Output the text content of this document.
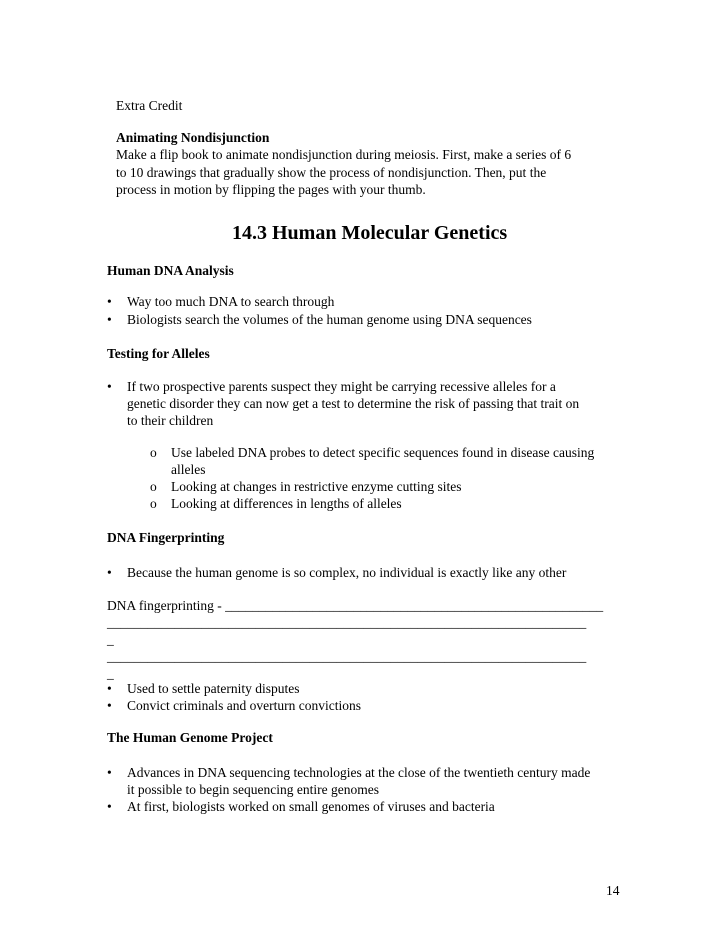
Extra Credit
Animating Nondisjunction
Make a flip book to animate nondisjunction during meiosis. First, make a series of 6
to 10 drawings that gradually show the process of nondisjunction. Then, put the
process in motion by flipping the pages with your thumb.
14.3 Human Molecular Genetics
Human DNA Analysis
•	Way too much DNA to search through
•	Biologists search the volumes of the human genome using DNA sequences
Testing for Alleles
•	If two prospective parents suspect they might be carrying recessive alleles for a
genetic disorder they can now get a test to determine the risk of passing that trait on
to their children
o Use labeled DNA probes to detect specific sequences found in disease causing
alleles
o Looking at changes in restrictive enzyme cutting sites
o Looking at differences in lengths of alleles
DNA Fingerprinting
•	Because the human genome is so complex, no individual is exactly like any other
DNA fingerprinting - ________________________________________________________
_______________________________________________________________________
_
_______________________________________________________________________
_
•	Used to settle paternity disputes
•	Convict criminals and overturn convictions
The Human Genome Project
•	Advances in DNA sequencing technologies at the close of the twentieth century made
it possible to begin sequencing entire genomes
•	At first, biologists worked on small genomes of viruses and bacteria
14
